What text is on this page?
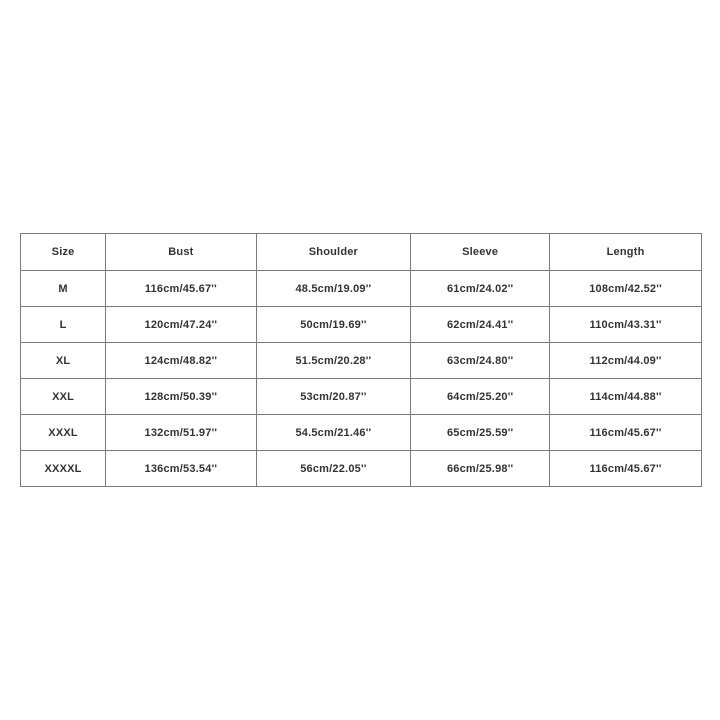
Size	Bust	Shoulder	Sleeve	Length
M	116cm/45.67''	48.5cm/19.09''	61cm/24.02''	108cm/42.52''
L	120cm/47.24''	50cm/19.69''	62cm/24.41''	110cm/43.31''
XL	124cm/48.82''	51.5cm/20.28''	63cm/24.80''	112cm/44.09''
XXL	128cm/50.39''	53cm/20.87''	64cm/25.20''	114cm/44.88''
XXXL	132cm/51.97''	54.5cm/21.46''	65cm/25.59''	116cm/45.67''
XXXXL	136cm/53.54''	56cm/22.05''	66cm/25.98''	116cm/45.67''
